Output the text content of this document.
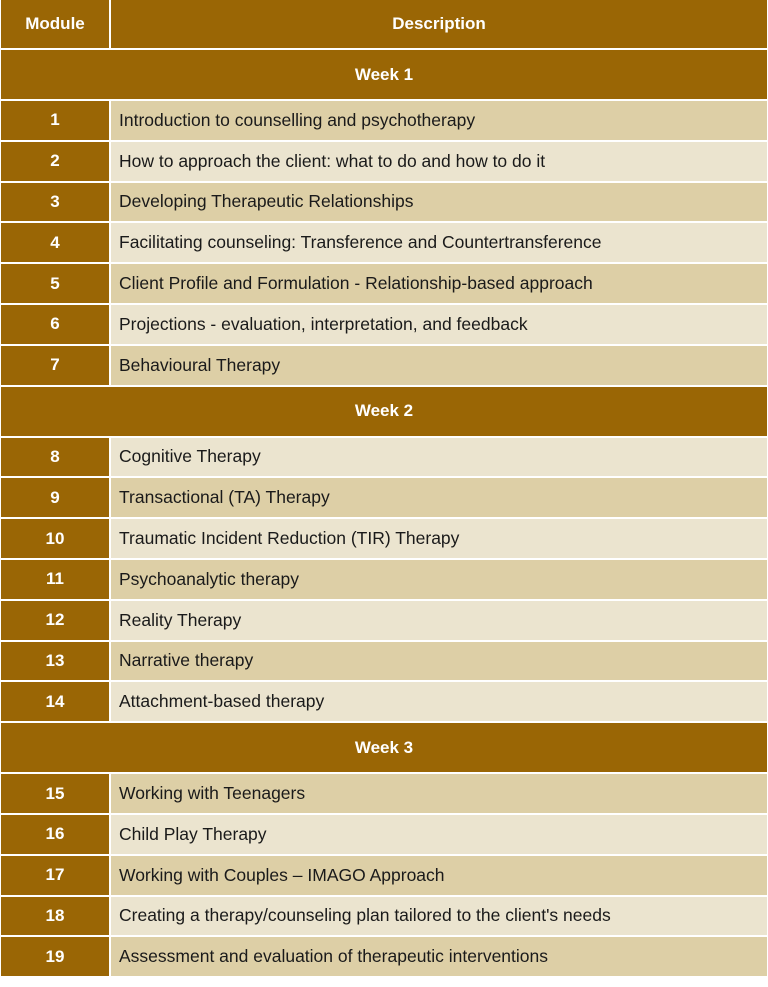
Module	Description
Week 1
1	Introduction to counselling and psychotherapy
2	How to approach the client: what to do and how to do it
3	Developing Therapeutic Relationships
4	Facilitating counseling: Transference and Countertransference
5	Client Profile and Formulation - Relationship-based approach
6	Projections - evaluation, interpretation, and feedback
7	Behavioural Therapy
Week 2
8	Cognitive Therapy
9	Transactional (TA) Therapy
10	Traumatic Incident Reduction (TIR) Therapy
11	Psychoanalytic therapy
12	Reality Therapy
13	Narrative therapy
14	Attachment-based therapy
Week 3
15	Working with Teenagers
16	Child Play Therapy
17	Working with Couples – IMAGO Approach
18	Creating a therapy/counseling plan tailored to the client's needs
19	Assessment and evaluation of therapeutic interventions
